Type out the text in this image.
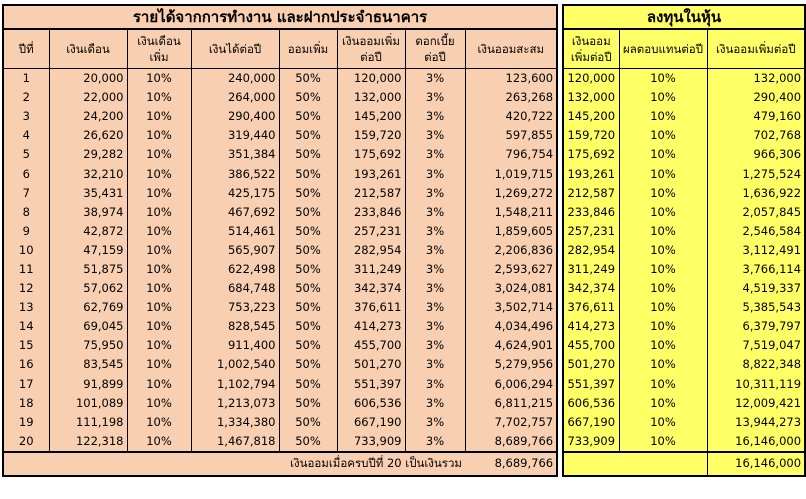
รายได้จากการทำงาน และฝากประจำธนาคาร							
ปีที่	เงินเดือน	เงินเดือนเพิ่ม	เงินได้ต่อปี	ออมเพิ่ม	เงินออมเพิ่มต่อปี	ดอกเบี้ยต่อปี	เงินออมสะสม
1	20,000	10%	240,000	50%	120,000	3%	123,600
2	22,000	10%	264,000	50%	132,000	3%	263,268
3	24,200	10%	290,400	50%	145,200	3%	420,722
4	26,620	10%	319,440	50%	159,720	3%	597,855
5	29,282	10%	351,384	50%	175,692	3%	796,754
6	32,210	10%	386,522	50%	193,261	3%	1,019,715
7	35,431	10%	425,175	50%	212,587	3%	1,269,272
8	38,974	10%	467,692	50%	233,846	3%	1,548,211
9	42,872	10%	514,461	50%	257,231	3%	1,859,605
10	47,159	10%	565,907	50%	282,954	3%	2,206,836
11	51,875	10%	622,498	50%	311,249	3%	2,593,627
12	57,062	10%	684,748	50%	342,374	3%	3,024,081
13	62,769	10%	753,223	50%	376,611	3%	3,502,714
14	69,045	10%	828,545	50%	414,273	3%	4,034,496
15	75,950	10%	911,400	50%	455,700	3%	4,624,901
16	83,545	10%	1,002,540	50%	501,270	3%	5,279,956
17	91,899	10%	1,102,794	50%	551,397	3%	6,006,294
18	101,089	10%	1,213,073	50%	606,536	3%	6,811,215
19	111,198	10%	1,334,380	50%	667,190	3%	7,702,757
20	122,318	10%	1,467,818	50%	733,909	3%	8,689,766
เงินออมเมื่อครบปีที่ 20 เป็นเงินรวม							8,689,766
ลงทุนในหุ้น		
เงินออมเพิ่มต่อปี	ผลตอบแทนต่อปี	เงินออมเพิ่มต่อปี
120,000	10%	132,000
132,000	10%	290,400
145,200	10%	479,160
159,720	10%	702,768
175,692	10%	966,306
193,261	10%	1,275,524
212,587	10%	1,636,922
233,846	10%	2,057,845
257,231	10%	2,546,584
282,954	10%	3,112,491
311,249	10%	3,766,114
342,374	10%	4,519,337
376,611	10%	5,385,543
414,273	10%	6,379,797
455,700	10%	7,519,047
501,270	10%	8,822,348
551,397	10%	10,311,119
606,536	10%	12,009,421
667,190	10%	13,944,273
733,909	10%	16,146,000
		16,146,000
